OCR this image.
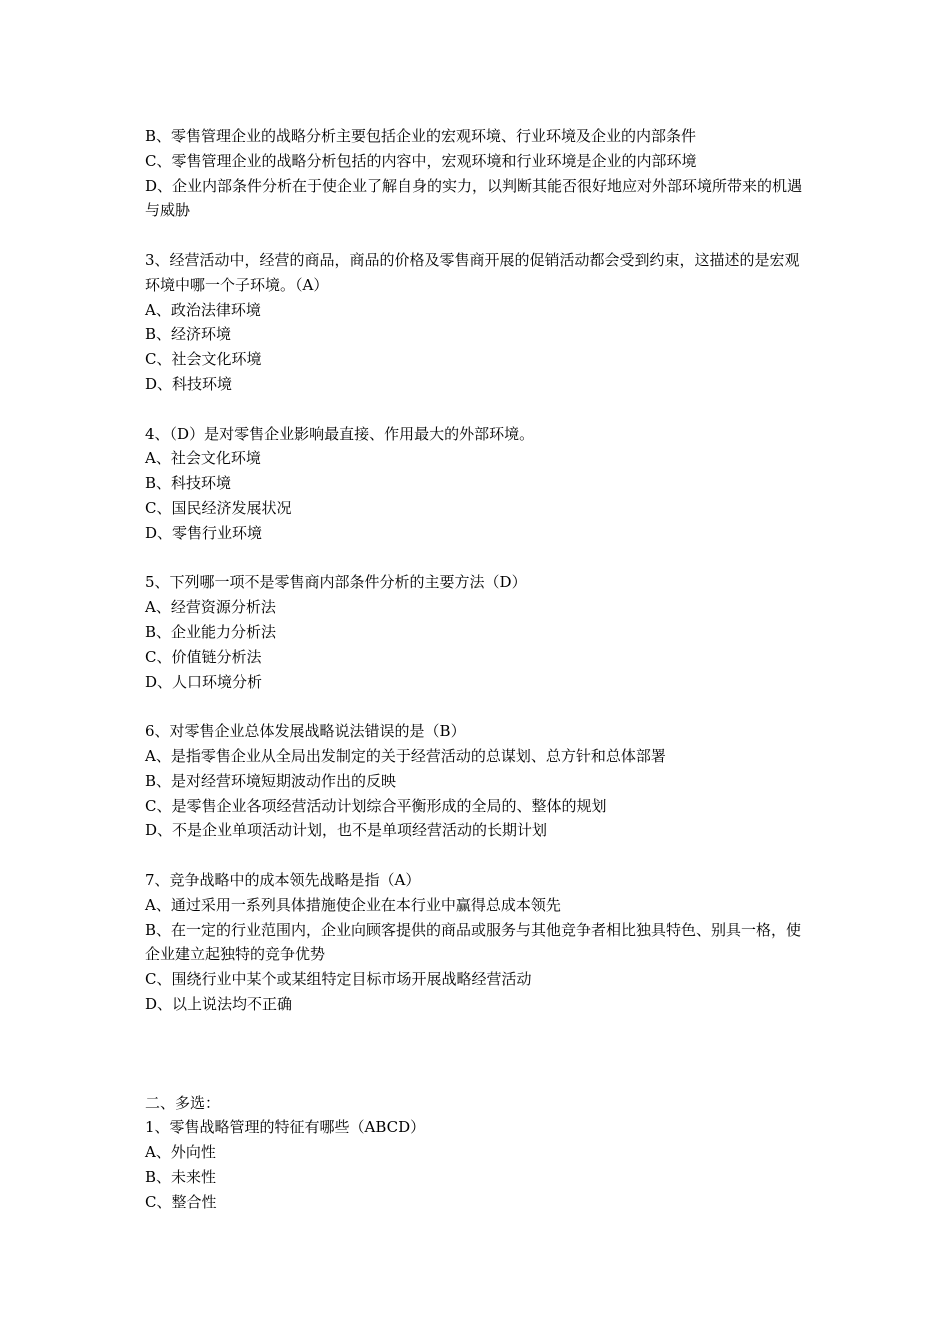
B、零售管理企业的战略分析主要包括企业的宏观环境、行业环境及企业的内部条件
C、零售管理企业的战略分析包括的内容中，宏观环境和行业环境是企业的内部环境
D、企业内部条件分析在于使企业了解自身的实力，以判断其能否很好地应对外部环境所带来的机遇与威胁
3、经营活动中，经营的商品，商品的价格及零售商开展的促销活动都会受到约束，这描述的是宏观环境中哪一个子环境。（A）
A、政治法律环境
B、经济环境
C、社会文化环境
D、科技环境
4、（D）是对零售企业影响最直接、作用最大的外部环境。
A、社会文化环境
B、科技环境
C、国民经济发展状况
D、零售行业环境
5、下列哪一项不是零售商内部条件分析的主要方法（D）
A、经营资源分析法
B、企业能力分析法
C、价值链分析法
D、人口环境分析
6、对零售企业总体发展战略说法错误的是（B）
A、是指零售企业从全局出发制定的关于经营活动的总谋划、总方针和总体部署
B、是对经营环境短期波动作出的反映
C、是零售企业各项经营活动计划综合平衡形成的全局的、整体的规划
D、不是企业单项活动计划，也不是单项经营活动的长期计划
7、竞争战略中的成本领先战略是指（A）
A、通过采用一系列具体措施使企业在本行业中赢得总成本领先
B、在一定的行业范围内，企业向顾客提供的商品或服务与其他竞争者相比独具特色、别具一格，使企业建立起独特的竞争优势
C、围绕行业中某个或某组特定目标市场开展战略经营活动
D、以上说法均不正确
二、多选：
1、零售战略管理的特征有哪些（ABCD）
A、外向性
B、未来性
C、整合性
